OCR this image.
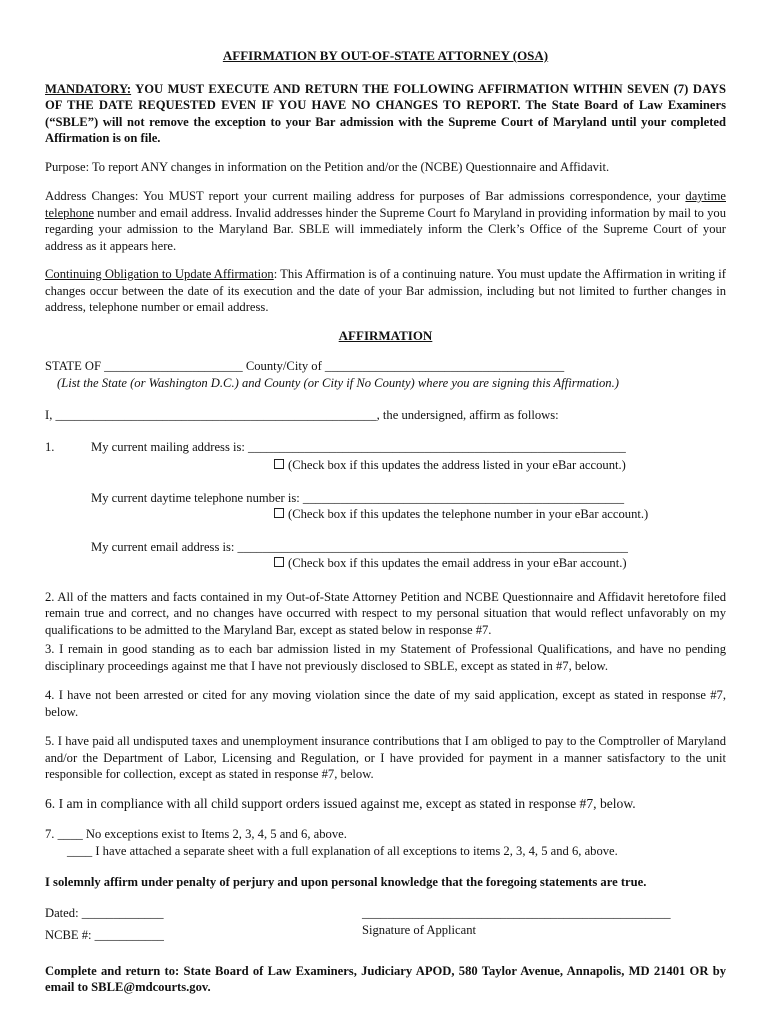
AFFIRMATION BY OUT-OF-STATE ATTORNEY (OSA)

MANDATORY: YOU MUST EXECUTE AND RETURN THE FOLLOWING AFFIRMATION WITHIN SEVEN (7) DAYS OF THE DATE REQUESTED EVEN IF YOU HAVE NO CHANGES TO REPORT. The State Board of Law Examiners (“SBLE”) will not remove the exception to your Bar admission with the Supreme Court of Maryland until your completed Affirmation is on file.

Purpose: To report ANY changes in information on the Petition and/or the (NCBE) Questionnaire and Affidavit.

Address Changes: You MUST report your current mailing address for purposes of Bar admissions correspondence, your daytime telephone number and email address. Invalid addresses hinder the Supreme Court fo Maryland in providing information by mail to you regarding your admission to the Maryland Bar. SBLE will immediately inform the Clerk’s Office of the Supreme Court of your address as it appears here.

Continuing Obligation to Update Affirmation: This Affirmation is of a continuing nature. You must update the Affirmation in writing if changes occur between the date of its execution and the date of your Bar admission, including but not limited to further changes in address, telephone number or email address.

AFFIRMATION

STATE OF ______________________ County/City of ______________________________________

(List the State (or Washington D.C.) and County (or City if No County) where you are signing this Affirmation.)

I, ___________________________________________________, the undersigned, affirm as follows:

1.	My current mailing address is: ____________________________________________________________

(Check box if this updates the address listed in your eBar account.)

My current daytime telephone number is: ___________________________________________________

(Check box if this updates the telephone number in your eBar account.)

My current email address is: ______________________________________________________________

(Check box if this updates the email address in your eBar account.)

2. All of the matters and facts contained in my Out-of-State Attorney Petition and NCBE Questionnaire and Affidavit heretofore filed remain true and correct, and no changes have occurred with respect to my personal situation that would reflect unfavorably on my qualifications to be admitted to the Maryland Bar, except as stated below in response #7.

3. I remain in good standing as to each bar admission listed in my Statement of Professional Qualifications, and have no pending disciplinary proceedings against me that I have not previously disclosed to SBLE, except as stated in #7, below.

4. I have not been arrested or cited for any moving violation since the date of my said application, except as stated in response #7, below.

5. I have paid all undisputed taxes and unemployment insurance contributions that I am obliged to pay to the Comptroller of Maryland and/or the Department of Labor, Licensing and Regulation, or I have provided for payment in a manner satisfactory to the unit responsible for collection, except as stated in response #7, below.

6. I am in compliance with all child support orders issued against me, except as stated in response #7, below.

7. ____ No exceptions exist to Items 2, 3, 4, 5 and 6, above.

____ I have attached a separate sheet with a full explanation of all exceptions to items 2, 3, 4, 5 and 6, above.

I solemnly affirm under penalty of perjury and upon personal knowledge that the foregoing statements are true.

Dated: _____________
NCBE #: ___________
_________________________________________________
Signature of Applicant

Complete and return to: State Board of Law Examiners, Judiciary APOD, 580 Taylor Avenue, Annapolis, MD 21401 OR by email to SBLE@mdcourts.gov.
